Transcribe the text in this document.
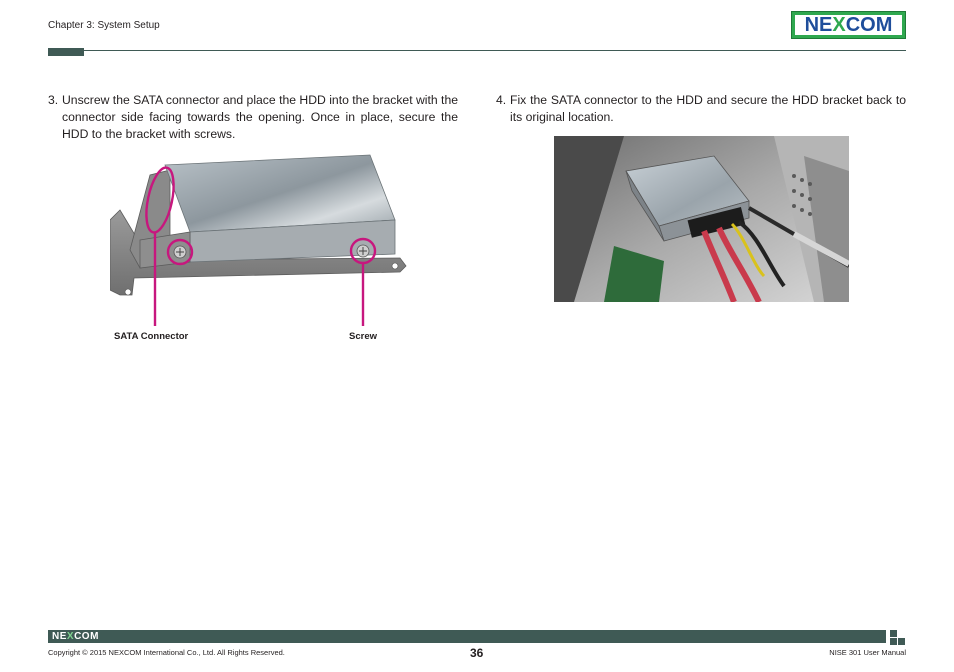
Chapter 3: System Setup	NE X COM
3. Unscrew the SATA connector and place the HDD into the bracket with the connector side facing towards the opening. Once in place, secure the HDD to the bracket with screws.
4. Fix the SATA connector to the HDD and secure the HDD bracket back to its original location.
SATA Connector	Screw
NEXCOM
Copyright © 2015 NEXCOM International Co., Ltd. All Rights Reserved.	36	NISE 301 User Manual
